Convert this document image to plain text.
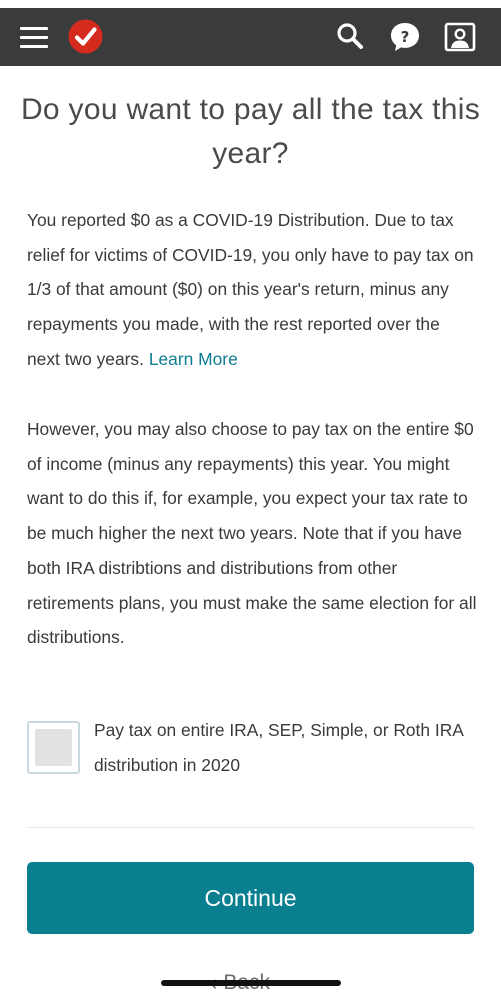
?
Do you want to pay all the tax this year?

You reported $0 as a COVID-19 Distribution. Due to tax relief for victims of COVID-19, you only have to pay tax on 1/3 of that amount ($0) on this year's return, minus any repayments you made, with the rest reported over the next two years. Learn More

However, you may also choose to pay tax on the entire $0 of income (minus any repayments) this year. You might want to do this if, for example, you expect your tax rate to be much higher the next two years. Note that if you have both IRA distribtions and distributions from other retirements plans, you must make the same election for all distributions.

Pay tax on entire IRA, SEP, Simple, or Roth IRA distribution in 2020
Continue
